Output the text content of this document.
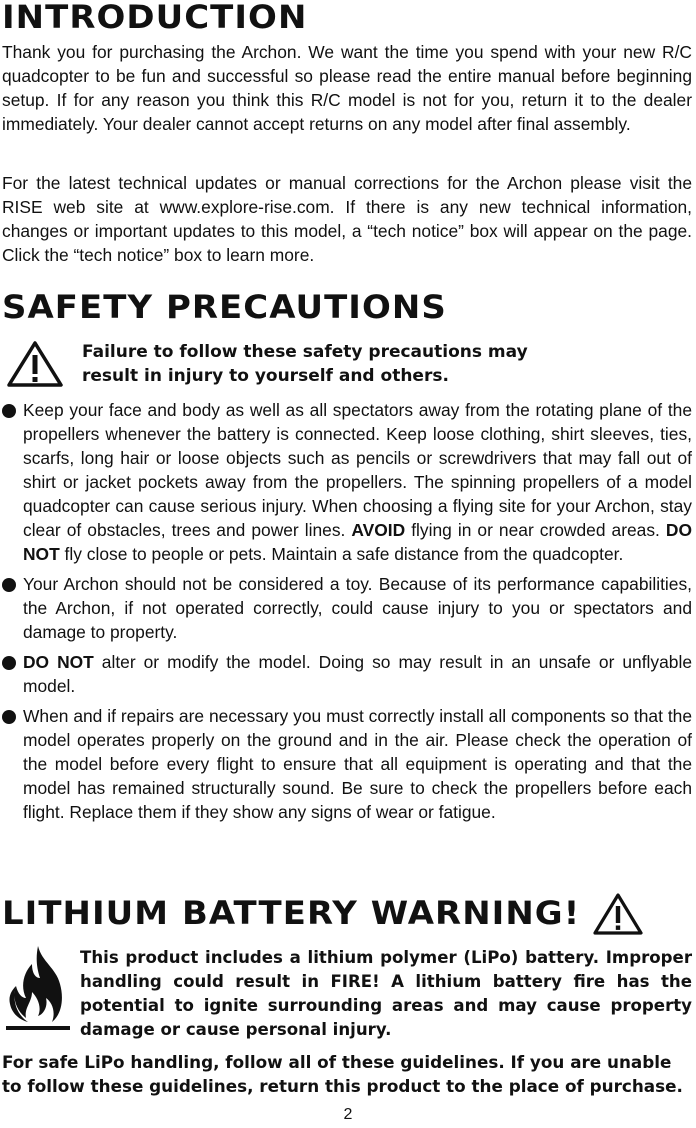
INTRODUCTION

Thank you for purchasing the Archon. We want the time you spend with your new R/C quadcopter to be fun and successful so please read the entire manual before beginning setup. If for any reason you think this R/C model is not for you, return it to the dealer immediately. Your dealer cannot accept returns on any model after final assembly.

For the latest technical updates or manual corrections for the Archon please visit the RISE web site at www.explore-rise.com. If there is any new technical information, changes or important updates to this model, a “tech notice” box will appear on the page. Click the “tech notice” box to learn more.

SAFETY PRECAUTIONS
Failure to follow these safety precautions may
result in injury to yourself and others.
Keep your face and body as well as all spectators away from the rotating plane of the propellers whenever the battery is connected. Keep loose clothing, shirt sleeves, ties, scarfs, long hair or loose objects such as pencils or screwdrivers that may fall out of shirt or jacket pockets away from the propellers. The spinning propellers of a model quadcopter can cause serious injury. When choosing a flying site for your Archon, stay clear of obstacles, trees and power lines. AVOID flying in or near crowded areas. DO NOT fly close to people or pets. Maintain a safe distance from the quadcopter.
Your Archon should not be considered a toy. Because of its performance capabilities, the Archon, if not operated correctly, could cause injury to you or spectators and damage to property.
DO NOT alter or modify the model. Doing so may result in an unsafe or unflyable model.
When and if repairs are necessary you must correctly install all components so that the model operates properly on the ground and in the air. Please check the operation of the model before every flight to ensure that all equipment is operating and that the model has remained structurally sound. Be sure to check the propellers before each flight. Replace them if they show any signs of wear or fatigue.
LITHIUM BATTERY WARNING!
This product includes a lithium polymer (LiPo) battery. Improper handling could result in FIRE! A lithium battery fire has the potential to ignite surrounding areas and may cause property damage or cause personal injury.
For safe LiPo handling, follow all of these guidelines. If you are unable to follow these guidelines, return this product to the place of purchase.
2
